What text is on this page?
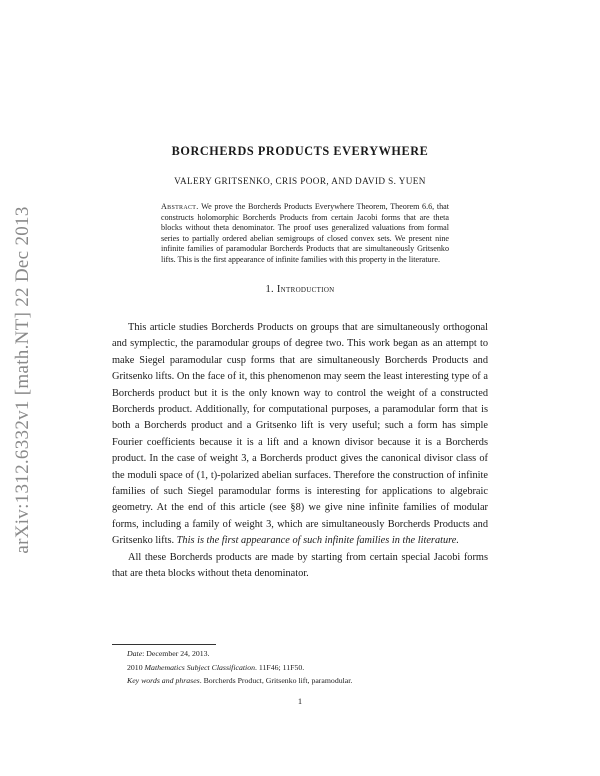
arXiv:1312.6332v1 [math.NT] 22 Dec 2013
BORCHERDS PRODUCTS EVERYWHERE
VALERY GRITSENKO, CRIS POOR, AND DAVID S. YUEN
Abstract. We prove the Borcherds Products Everywhere Theorem, Theorem 6.6, that constructs holomorphic Borcherds Products from certain Jacobi forms that are theta blocks without theta denominator. The proof uses generalized valuations from formal series to partially ordered abelian semigroups of closed convex sets. We present nine infinite families of paramodular Borcherds Products that are simultaneously Gritsenko lifts. This is the first appearance of infinite families with this property in the literature.
1. Introduction

This article studies Borcherds Products on groups that are simultaneously orthogonal and symplectic, the paramodular groups of degree two. This work began as an attempt to make Siegel paramodular cusp forms that are simultaneously Borcherds Products and Gritsenko lifts. On the face of it, this phenomenon may seem the least interesting type of a Borcherds product but it is the only known way to control the weight of a constructed Borcherds product. Additionally, for computational purposes, a paramodular form that is both a Borcherds product and a Gritsenko lift is very useful; such a form has simple Fourier coefficients because it is a lift and a known divisor because it is a Borcherds product. In the case of weight 3, a Borcherds product gives the canonical divisor class of the moduli space of (1, t)-polarized abelian surfaces. Therefore the construction of infinite families of such Siegel paramodular forms is interesting for applications to algebraic geometry. At the end of this article (see §8) we give nine infinite families of modular forms, including a family of weight 3, which are simultaneously Borcherds Products and Gritsenko lifts. This is the first appearance of such infinite families in the literature.

All these Borcherds products are made by starting from certain special Jacobi forms that are theta blocks without theta denominator.

Date: December 24, 2013.
2010 Mathematics Subject Classification. 11F46; 11F50.
Key words and phrases. Borcherds Product, Gritsenko lift, paramodular.
1
